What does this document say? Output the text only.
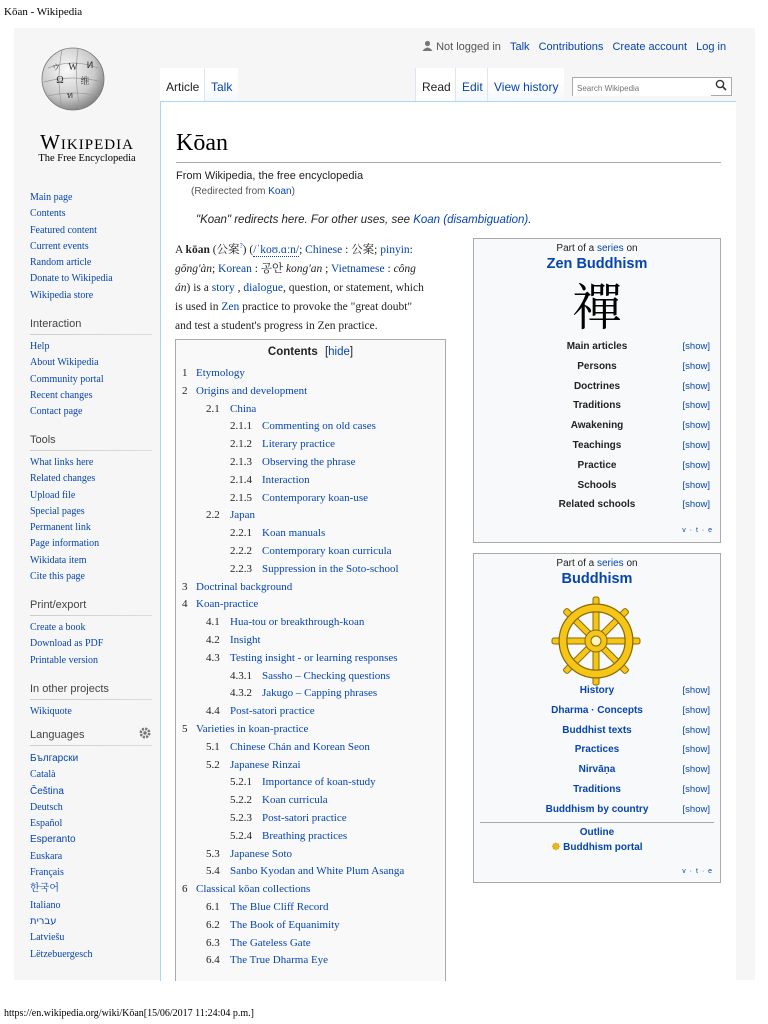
Kōan - Wikipedia
https://en.wikipedia.org/wiki/Kōan[15/06/2017 11:24:04 p.m.]
W
Ω 维
И
ท
ウ
Wikipedia
The Free Encyclopedia
Main page
Contents
Featured content
Current events
Random article
Donate to Wikipedia
Wikipedia store
Interaction
Help
About Wikipedia
Community portal
Recent changes
Contact page
Tools
What links here
Related changes
Upload file
Special pages
Permanent link
Page information
Wikidata item
Cite this page
Print/export
Create a book
Download as PDF
Printable version
In other projects
Wikiquote
Languages
Български
Català
Čeština
Deutsch
Español
Esperanto
Euskara
Français
한국어
Italiano
עברית
Latviešu
Lëtzebuergesch
Not logged in Talk Contributions Create account Log in
Article Talk	Read Edit View history
Search Wikipedia
Kōan
From Wikipedia, the free encyclopedia
(Redirected from Koan)
"Koan" redirects here. For other uses, see Koan (disambiguation).
A kōan (公案?) (/ˈkoʊ.ɑːn/; Chinese : 公案; pinyin:
gōng'àn; Korean : 공안 kong'an ; Vietnamese : công
án) is a story , dialogue, question, or statement, which
is used in Zen practice to provoke the "great doubt"
and test a student's progress in Zen practice.
Contents [hide]
1 Etymology
2 Origins and development
2.1 China
2.1.1 Commenting on old cases
2.1.2 Literary practice
2.1.3 Observing the phrase
2.1.4 Interaction
2.1.5 Contemporary koan-use
2.2 Japan
2.2.1 Koan manuals
2.2.2 Contemporary koan curricula
2.2.3 Suppression in the Soto-school
3 Doctrinal background
4 Koan-practice
4.1 Hua-tou or breakthrough-koan
4.2 Insight
4.3 Testing insight - or learning responses
4.3.1 Sassho – Checking questions
4.3.2 Jakugo – Capping phrases
4.4 Post-satori practice
5 Varieties in koan-practice
5.1 Chinese Chán and Korean Seon
5.2 Japanese Rinzai
5.2.1 Importance of koan-study
5.2.2 Koan curricula
5.2.3 Post-satori practice
5.2.4 Breathing practices
5.3 Japanese Soto
5.4 Sanbo Kyodan and White Plum Asanga
6 Classical kōan collections
6.1 The Blue Cliff Record
6.2 The Book of Equanimity
6.3 The Gateless Gate
6.4 The True Dharma Eye
Part of a series on
Zen Buddhism
禪
Main articles	[show]
Persons	[show]
Doctrines	[show]
Traditions	[show]
Awakening	[show]
Teachings	[show]
Practice	[show]
Schools	[show]
Related schools	[show]
v · t · e
Part of a series on
Buddhism
History	[show]
Dharma · Concepts	[show]
Buddhist texts	[show]
Practices	[show]
Nirvāṇa	[show]
Traditions	[show]
Buddhism by country	[show]
Outline
☸ Buddhism portal
v · t · e
